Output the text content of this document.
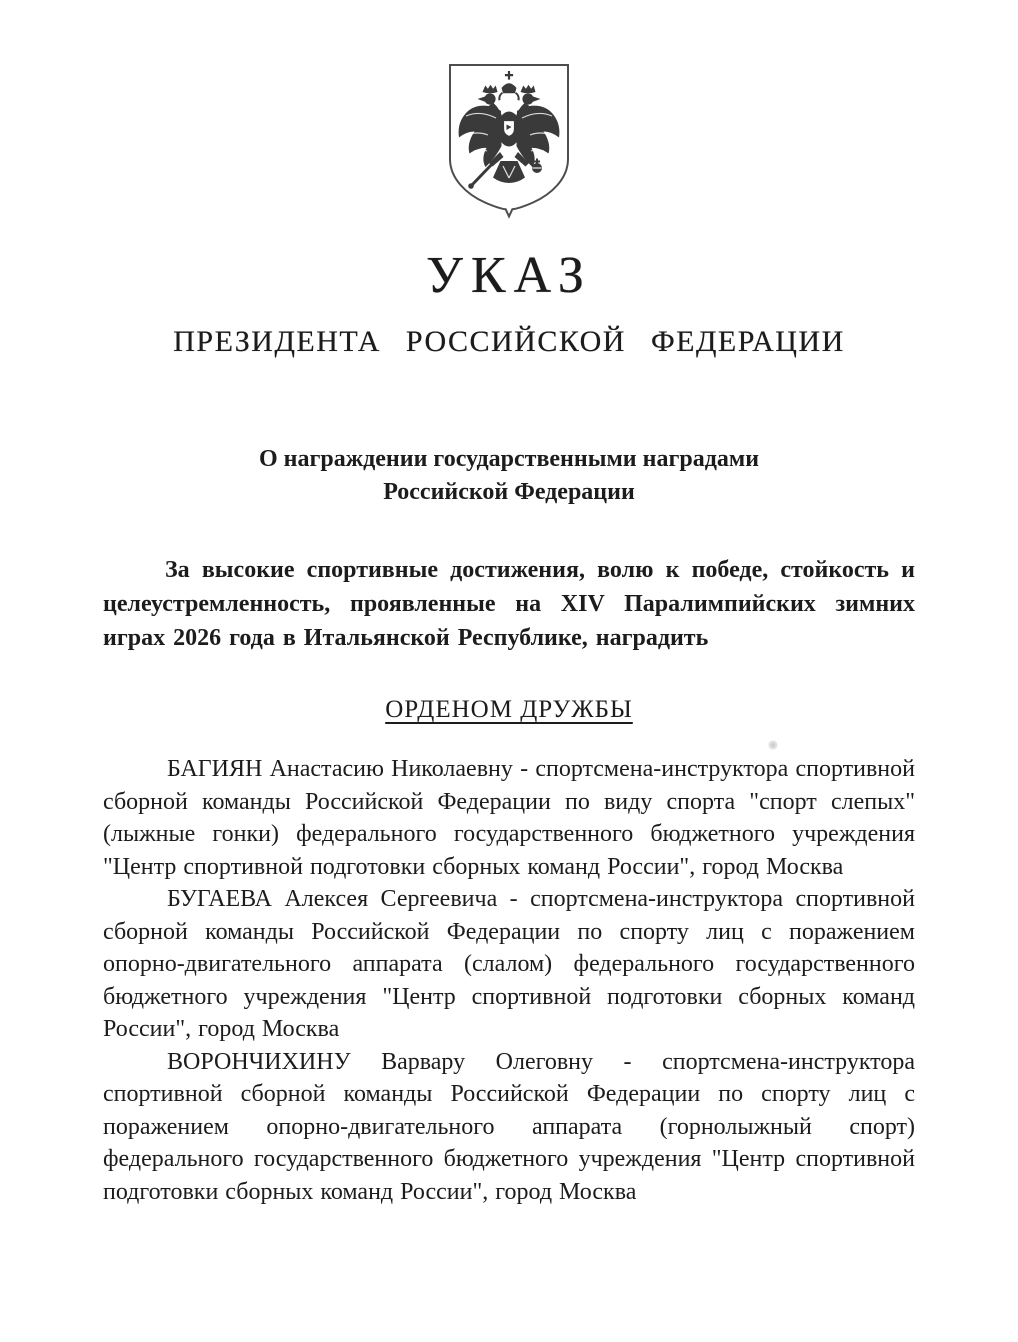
УКАЗ
ПРЕЗИДЕНТА РОССИЙСКОЙ ФЕДЕРАЦИИ
О награждении государственными наградами
Российской Федерации

За высокие спортивные достижения, волю к победе, стойкость и целеустремленность, проявленные на XIV Паралимпийских зимних играх 2026 года в Итальянской Республике, наградить

ОРДЕНОМ ДРУЖБЫ

БАГИЯН Анастасию Николаевну - спортсмена-инструктора спортивной сборной команды Российской Федерации по виду спорта "спорт слепых" (лыжные гонки) федерального государственного бюджетного учреждения "Центр спортивной подготовки сборных команд России", город Москва

БУГАЕВА Алексея Сергеевича - спортсмена-инструктора спортивной сборной команды Российской Федерации по спорту лиц с поражением опорно-двигательного аппарата (слалом) федерального государственного бюджетного учреждения "Центр спортивной подготовки сборных команд России", город Москва

ВОРОНЧИХИНУ Варвару Олеговну - спортсмена-инструктора спортивной сборной команды Российской Федерации по спорту лиц с поражением опорно-двигательного аппарата (горнолыжный спорт) федерального государственного бюджетного учреждения "Центр спортивной подготовки сборных команд России", город Москва
